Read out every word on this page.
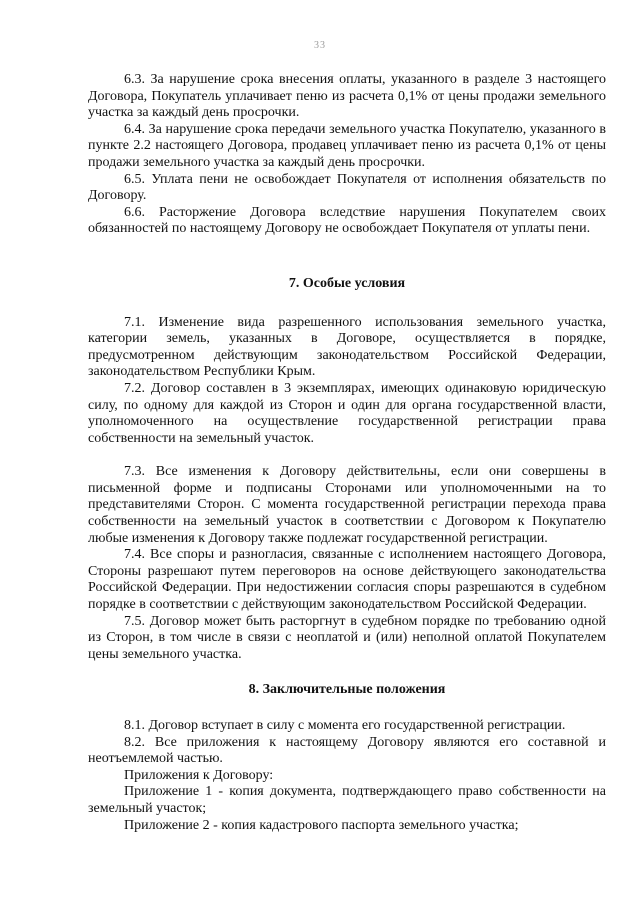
33

6.3. За нарушение срока внесения оплаты, указанного в разделе 3 настоящего Договора, Покупатель уплачивает пеню из расчета 0,1% от цены продажи земельного участка за каждый день просрочки.

6.4. За нарушение срока передачи земельного участка Покупателю, указанного в пункте 2.2 настоящего Договора, продавец уплачивает пеню из расчета 0,1% от цены продажи земельного участка за каждый день просрочки.

6.5. Уплата пени не освобождает Покупателя от исполнения обязательств по Договору.

6.6. Расторжение Договора вследствие нарушения Покупателем своих обязанностей по настоящему Договору не освобождает Покупателя от уплаты пени.

7. Особые условия

7.1. Изменение вида разрешенного использования земельного участка, категории земель, указанных в Договоре, осуществляется в порядке, предусмотренном действующим законодательством Российской Федерации, законодательством Республики Крым.

7.2. Договор составлен в 3 экземплярах, имеющих одинаковую юридическую силу, по одному для каждой из Сторон и один для органа государственной власти, уполномоченного на осуществление государственной регистрации права собственности на земельный участок.

7.3. Все изменения к Договору действительны, если они совершены в письменной форме и подписаны Сторонами или уполномоченными на то представителями Сторон. С момента государственной регистрации перехода права собственности на земельный участок в соответствии с Договором к Покупателю любые изменения к Договору также подлежат государственной регистрации.

7.4. Все споры и разногласия, связанные с исполнением настоящего Договора, Стороны разрешают путем переговоров на основе действующего законодательства Российской Федерации. При недостижении согласия споры разрешаются в судебном порядке в соответствии с действующим законодательством Российской Федерации.

7.5. Договор может быть расторгнут в судебном порядке по требованию одной из Сторон, в том числе в связи с неоплатой и (или) неполной оплатой Покупателем цены земельного участка.

8. Заключительные положения

8.1. Договор вступает в силу с момента его государственной регистрации.

8.2. Все приложения к настоящему Договору являются его составной и неотъемлемой частью.

Приложения к Договору:

Приложение 1 - копия документа, подтверждающего право собственности на земельный участок;

Приложение 2 - копия кадастрового паспорта земельного участка;
